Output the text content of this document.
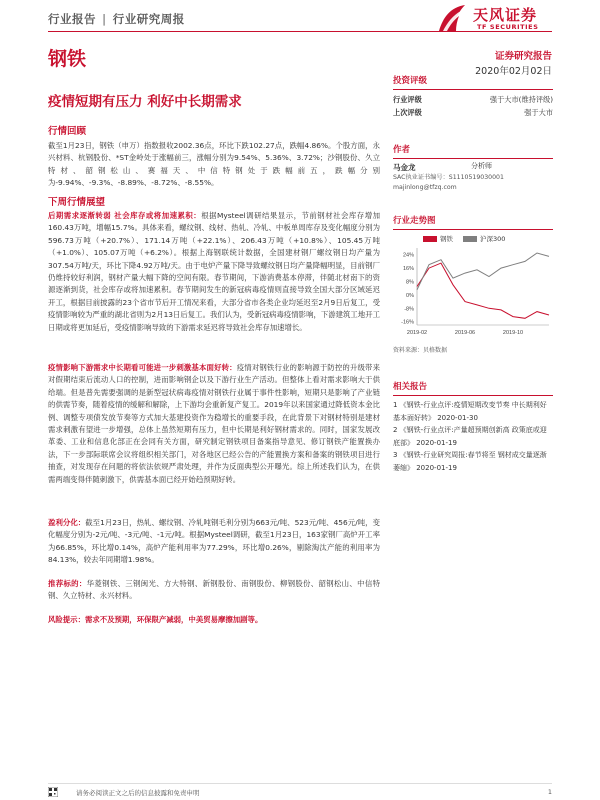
行业报告 | 行业研究周报	天风证券
TF SECURITIES
钢铁	证券研究报告
2020年02月02日
疫情短期有压力 利好中长期需求
行情回顾
截至1月23日，钢铁（申万）指数报收2002.36点，环比下跌102.27点，跌幅4.86%。个股方面，永兴材料、杭钢股份、*ST金岭处于涨幅前三，涨幅分别为9.54%、5.36%、3.72%；沙钢股份、久立特材、韶钢松山、赛福天、中信特钢处于跌幅前五，跌幅分别为-9.94%、-9.3%、-8.89%、-8.72%、-8.55%。
下周行情展望
后期需求逐渐转弱 社会库存或将加速累积：根据Mysteel调研结果显示，节前钢材社会库存增加160.43万吨，增幅15.7%。具体来看，螺纹钢、线材、热轧、冷轧、中板单周库存及变化幅度分别为596.73万吨（+20.7%）、171.14万吨（+22.1%）、206.43万吨（+10.8%）、105.45万吨（+1.0%）、105.07万吨（+6.2%）。根据上海钢联统计数据，全国建材钢厂螺纹钢日均产量为307.54万吨/天，环比下降4.92万吨/天。由于电炉产量下降导致螺纹钢日均产量降幅明显，目前钢厂仍维持较好利润，钢材产量大幅下降的空间有限。春节期间，下游消费基本停滞，伴随北材南下的资源逐渐到货，社会库存或将加速累积。春节期间发生的新冠病毒疫情则直接导致全国大部分区域延迟开工，根据目前披露的23个省市节后开工情况来看，大部分省市各类企业均延迟至2月9日后复工，受疫情影响较为严重的湖北省则为2月13日后复工。我们认为，受新冠病毒疫情影响，下游建筑工地开工日期或将更加延后，受疫情影响导致的下游需求延迟将导致社会库存加速增长。
疫情影响下游需求中长期看可能进一步刺激基本面好转：疫情对钢铁行业的影响源于防控的升级带来对假期结束后流动人口的控制，进而影响钢企以及下游行业生产活动。但整体上看对需求影响大于供给端。但是普先需要强调的是新型冠状病毒疫情对钢铁行业属于事件性影响，短期只是影响了产业链的供需节奏，随着疫情的缓解和解除，上下游均会重新复产复工。2019年以来国家通过降低资本金比例、调整专项债发放节奏等方式加大基建投资作为稳增长的重要手段，在此背景下对钢材特别是建材需求刺激有望进一步增强，总体上虽然短期有压力，但中长期是利好钢材需求的。同时，国家发展改革委、工业和信息化部正在会同有关方面，研究制定钢铁项目备案指导意见、修订钢铁产能置换办法，下一步部际联席会议将组织相关部门，对各地区已经公告的产能置换方案和备案的钢铁项目进行抽查，对发现存在问题的将依法依规严肃处理，并作为反面典型公开曝光。综上所述我们认为，在供需两端变得伴随刺激下，供需基本面已经开始趋预期好转。
盈利分化：截至1月23日，热轧、螺纹钢、冷轧吨钢毛利分别为663元/吨、523元/吨、456元/吨，变化幅度分别为-2元/吨、-3元/吨、-1元/吨。根据Mysteel调研，截至1月23日，163家钢厂高炉开工率为66.85%，环比增0.14%，高炉产能利用率为77.29%，环比增0.26%，剔除淘汰产能的利用率为84.13%，较去年同期增1.98%。
推荐标的：华菱钢铁、三钢闽光、方大特钢、新钢股份、南钢股份、柳钢股份、韶钢松山、中信特钢、久立特材、永兴材料。
风险提示：需求不及预期，环保限产减弱，中美贸易摩擦加剧等。
投资评级
行业评级	强于大市(维持评级)
上次评级	强于大市
作者
马金龙	分析师
SAC执业证书编号：S1110519030001
majinlong@tfzq.com
行业走势图
钢铁	沪深300
24%
16%
8%
0%
-8%
-16%
2019-02	2019-06	2019-10
资料来源：贝格数据
相关报告
1 《钢铁-行业点评:疫情短期改变节奏 中长期利好基本面好转》 2020-01-30
2 《钢铁-行业点评:产量超预期创新高 政策底或迎底部》 2020-01-19
3 《钢铁-行业研究周报:春节将至 钢材成交量逐渐萎缩》 2020-01-19
请务必阅读正文之后的信息披露和免责申明	1
